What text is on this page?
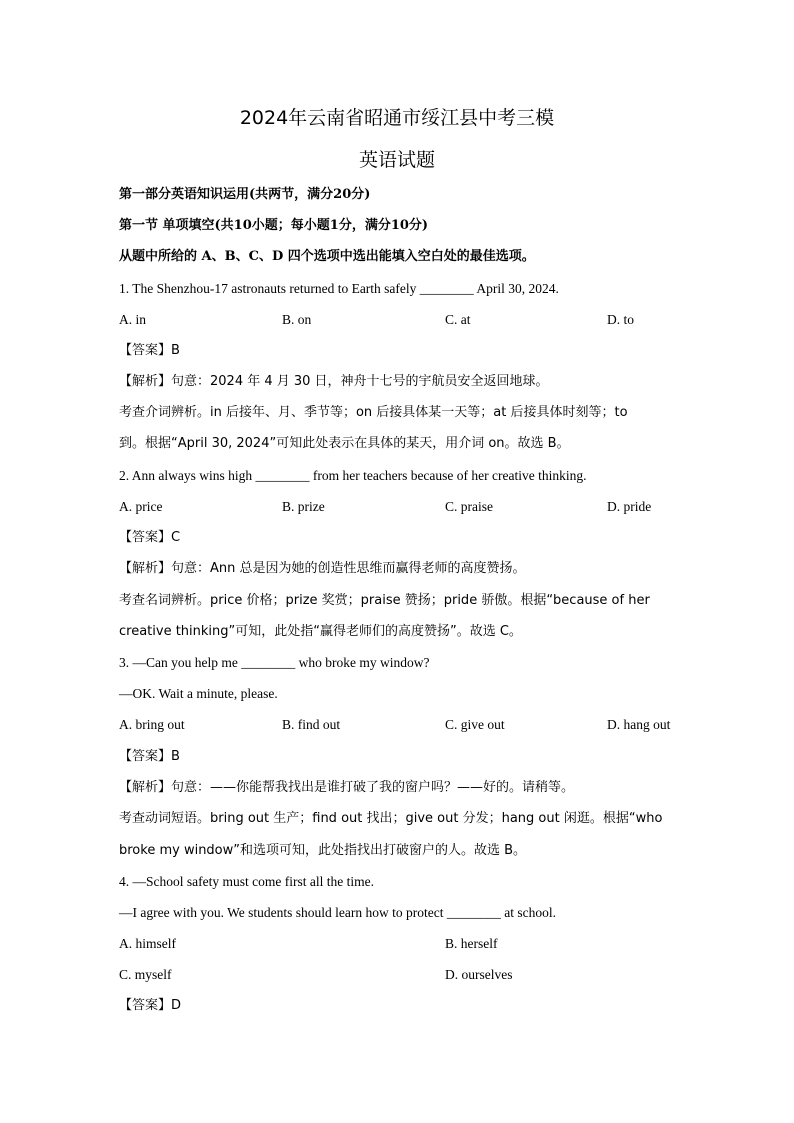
2024年云南省昭通市绥江县中考三模
英语试题
第一部分英语知识运用(共两节，满分20分)
第一节 单项填空(共10小题；每小题1分，满分10分)
从题中所给的 A、B、C、D 四个选项中选出能填入空白处的最佳选项。
1. The Shenzhou-17 astronauts returned to Earth safely ________ April 30, 2024.
A. in	B. on	C. at	D. to
【答案】B
【解析】句意：2024 年 4 月 30 日，神舟十七号的宇航员安全返回地球。
考查介词辨析。in 后接年、月、季节等；on 后接具体某一天等；at 后接具体时刻等；to
到。根据“April 30, 2024”可知此处表示在具体的某天，用介词 on。故选 B。
2. Ann always wins high ________ from her teachers because of her creative thinking.
A. price	B. prize	C. praise	D. pride
【答案】C
【解析】句意：Ann 总是因为她的创造性思维而赢得老师的高度赞扬。
考查名词辨析。price 价格；prize 奖赏；praise 赞扬；pride 骄傲。根据“because of her
creative thinking”可知，此处指“赢得老师们的高度赞扬”。故选 C。
3. —Can you help me ________ who broke my window?
—OK. Wait a minute, please.
A. bring out	B. find out	C. give out	D. hang out
【答案】B
【解析】句意：——你能帮我找出是谁打破了我的窗户吗？——好的。请稍等。
考查动词短语。bring out 生产；find out 找出；give out 分发；hang out 闲逛。根据“who
broke my window”和选项可知，此处指找出打破窗户的人。故选 B。
4. —School safety must come first all the time.
—I agree with you. We students should learn how to protect ________ at school.
A. himself	B. herself
C. myself	D. ourselves
【答案】D
